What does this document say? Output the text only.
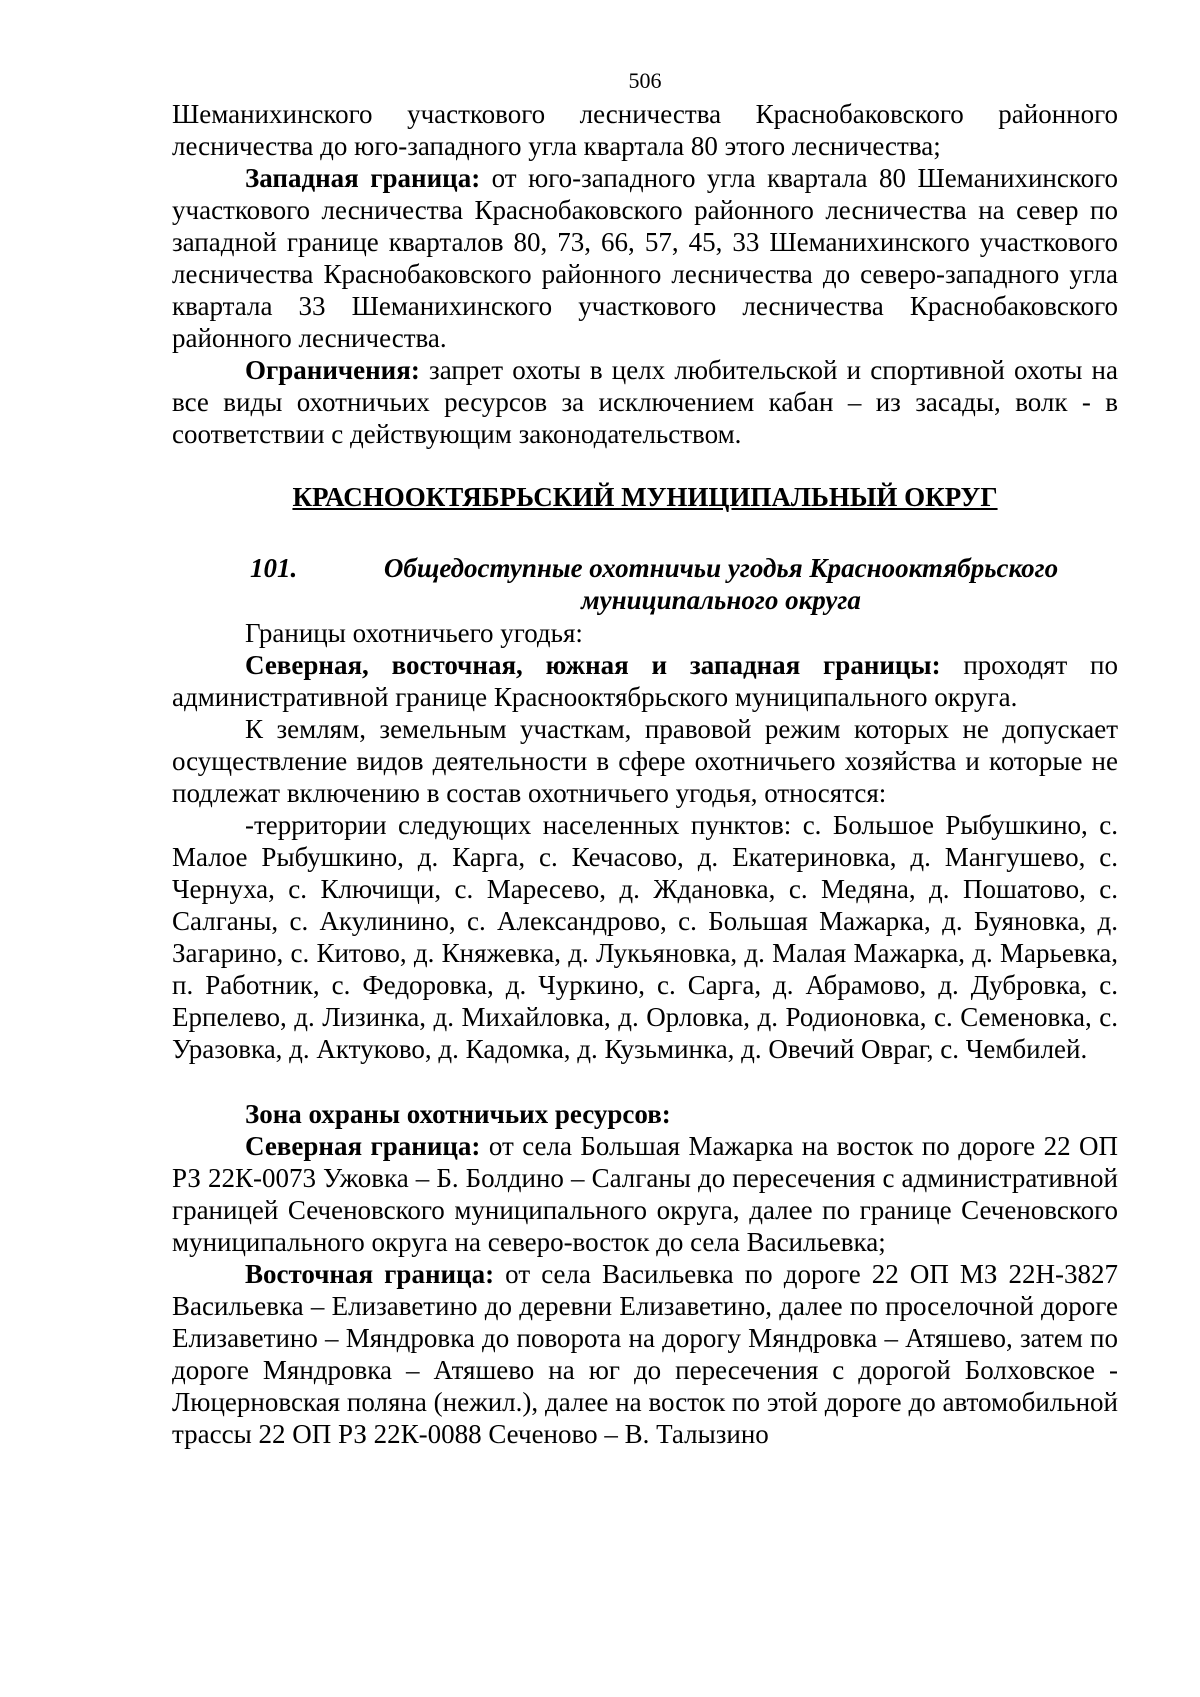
506

Шеманихинского участкового лесничества Краснобаковского районного лесничества до юго-западного угла квартала 80 этого лесничества;

Западная граница: от юго-западного угла квартала 80 Шеманихинского участкового лесничества Краснобаковского районного лесничества на север по западной границе кварталов 80, 73, 66, 57, 45, 33 Шеманихинского участкового лесничества Краснобаковского районного лесничества до северо-западного угла квартала 33 Шеманихинского участкового лесничества Краснобаковского районного лесничества.

Ограничения: запрет охоты в целх любительской и спортивной охоты на все виды охотничьих ресурсов за исключением кабан – из засады, волк - в соответствии с действующим законодательством.

КРАСНООКТЯБРЬСКИЙ МУНИЦИПАЛЬНЫЙ ОКРУГ
101.	Общедоступные охотничьи угодья Краснооктябрьского муниципального округа

Границы охотничьего угодья:

Северная, восточная, южная и западная границы: проходят по административной границе Краснооктябрьского муниципального округа.

К землям, земельным участкам, правовой режим которых не допускает осуществление видов деятельности в сфере охотничьего хозяйства и которые не подлежат включению в состав охотничьего угодья, относятся:

-территории следующих населенных пунктов: с. Большое Рыбушкино, с. Малое Рыбушкино, д. Карга, с. Кечасово, д. Екатериновка, д. Мангушево, с. Чернуха, с. Ключищи, с. Маресево, д. Ждановка, с. Медяна, д. Пошатово, с. Салганы, с. Акулинино, с. Александрово, с. Большая Мажарка, д. Буяновка, д. Загарино, с. Китово, д. Княжевка, д. Лукьяновка, д. Малая Мажарка, д. Марьевка, п. Работник, с. Федоровка, д. Чуркино, с. Сарга, д. Абрамово, д. Дубровка, с. Ерпелево, д. Лизинка, д. Михайловка, д. Орловка, д. Родионовка, с. Семеновка, с. Уразовка, д. Актуково, д. Кадомка, д. Кузьминка, д. Овечий Овраг, с. Чембилей.

Зона охраны охотничьих ресурсов:

Северная граница: от села Большая Мажарка на восток по дороге 22 ОП РЗ 22К-0073 Ужовка – Б. Болдино – Салганы до пересечения с административной границей Сеченовского муниципального округа, далее по границе Сеченовского муниципального округа на северо-восток до села Васильевка;

Восточная граница: от села Васильевка по дороге 22 ОП МЗ 22Н-3827 Васильевка – Елизаветино до деревни Елизаветино, далее по проселочной дороге Елизаветино – Мяндровка до поворота на дорогу Мяндровка – Атяшево, затем по дороге Мяндровка – Атяшево на юг до пересечения с дорогой Болховское - Люцерновская поляна (нежил.), далее на восток по этой дороге до автомобильной трассы 22 ОП РЗ 22К-0088 Сеченово – В. Талызино
